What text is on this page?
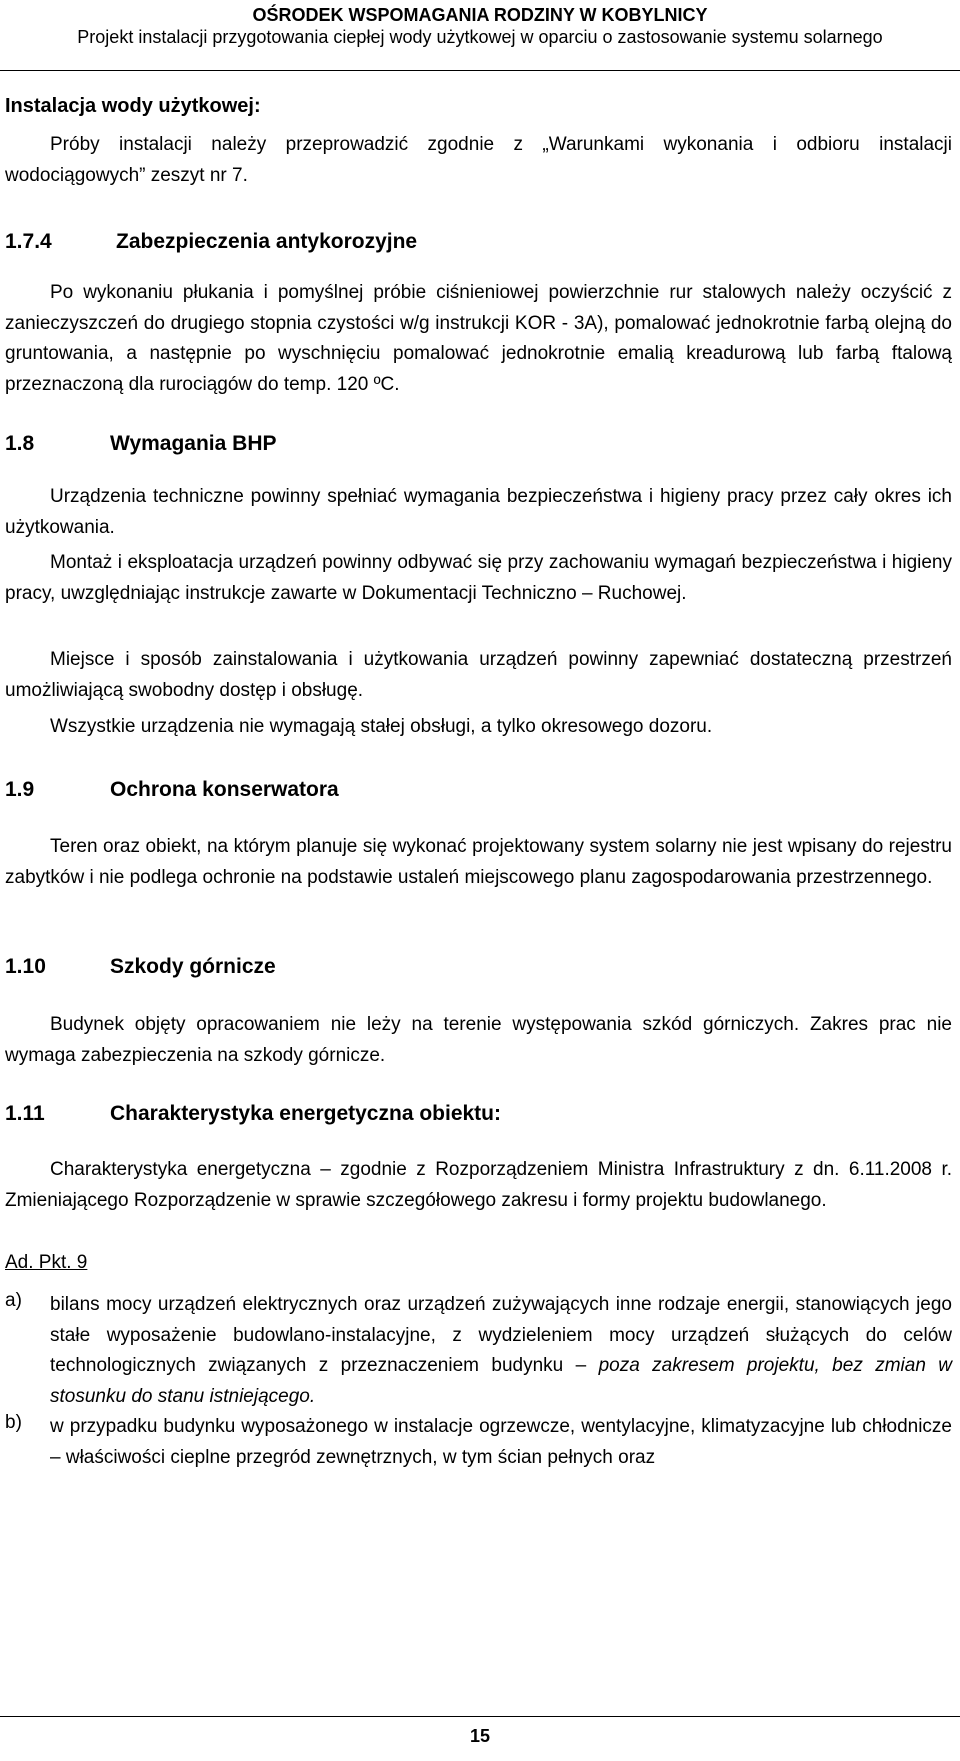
OŚRODEK WSPOMAGANIA RODZINY W KOBYLNICY
Projekt instalacji przygotowania ciepłej wody użytkowej w oparciu o zastosowanie systemu solarnego
Instalacja wody użytkowej:

Próby instalacji należy przeprowadzić zgodnie z „Warunkami wykonania i odbioru instalacji wodociągowych” zeszyt nr 7.

1.7.4	Zabezpieczenia antykorozyjne

Po wykonaniu płukania i pomyślnej próbie ciśnieniowej powierzchnie rur stalowych należy oczyścić z zanieczyszczeń do drugiego stopnia czystości w/g instrukcji KOR - 3A), pomalować jednokrotnie farbą olejną do gruntowania, a następnie po wyschnięciu pomalować jednokrotnie emalią kreadurową lub farbą ftalową przeznaczoną dla rurociągów do temp. 120 ºC.

1.8	Wymagania BHP

Urządzenia techniczne powinny spełniać wymagania bezpieczeństwa i higieny pracy przez cały okres ich użytkowania.

Montaż i eksploatacja urządzeń powinny odbywać się przy zachowaniu wymagań bezpieczeństwa i higieny pracy, uwzględniając instrukcje zawarte w Dokumentacji Techniczno – Ruchowej.

Miejsce i sposób zainstalowania i użytkowania urządzeń powinny zapewniać dostateczną przestrzeń umożliwiającą swobodny dostęp i obsługę.

Wszystkie urządzenia nie wymagają stałej obsługi, a tylko okresowego dozoru.

1.9	Ochrona konserwatora

Teren oraz obiekt, na którym planuje się wykonać projektowany system solarny nie jest wpisany do rejestru zabytków i nie podlega ochronie na podstawie ustaleń miejscowego planu zagospodarowania przestrzennego.

1.10	Szkody górnicze

Budynek objęty opracowaniem nie leży na terenie występowania szkód górniczych. Zakres prac nie wymaga zabezpieczenia na szkody górnicze.

1.11	Charakterystyka energetyczna obiektu:

Charakterystyka energetyczna – zgodnie z Rozporządzeniem Ministra Infrastruktury z dn. 6.11.2008 r. Zmieniającego Rozporządzenie w sprawie szczegółowego zakresu i formy projektu budowlanego.

Ad. Pkt. 9
a) bilans mocy urządzeń elektrycznych oraz urządzeń zużywających inne rodzaje energii, stanowiących jego stałe wyposażenie budowlano-instalacyjne, z wydzieleniem mocy urządzeń służących do celów technologicznych związanych z przeznaczeniem budynku – poza zakresem projektu, bez zmian w stosunku do stanu istniejącego.
b) w przypadku budynku wyposażonego w instalacje ogrzewcze, wentylacyjne, klimatyzacyjne lub chłodnicze – właściwości cieplne przegród zewnętrznych, w tym ścian pełnych oraz
15
